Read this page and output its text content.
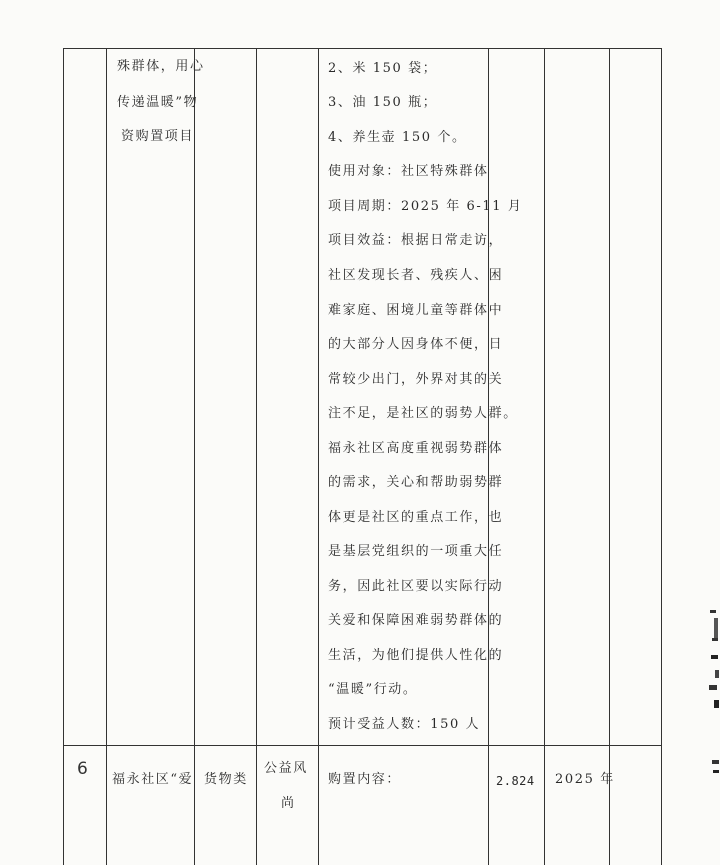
殊群体，用心
传递温暖”物
资购置项目
2、米 150 袋；
3、油 150 瓶；
4、养生壶 150 个。
使用对象：社区特殊群体
项目周期：2025 年 6-11 月
项目效益：根据日常走访，
社区发现长者、残疾人、困
难家庭、困境儿童等群体中
的大部分人因身体不便，日
常较少出门，外界对其的关
注不足，是社区的弱势人群。
福永社区高度重视弱势群体
的需求，关心和帮助弱势群
体更是社区的重点工作，也
是基层党组织的一项重大任
务，因此社区要以实际行动
关爱和保障困难弱势群体的
生活，为他们提供人性化的
“温暖”行动。
预计受益人数：150 人
6
福永社区“爱 货物类
公益风
尚
购置内容：	2.824 2025 年
